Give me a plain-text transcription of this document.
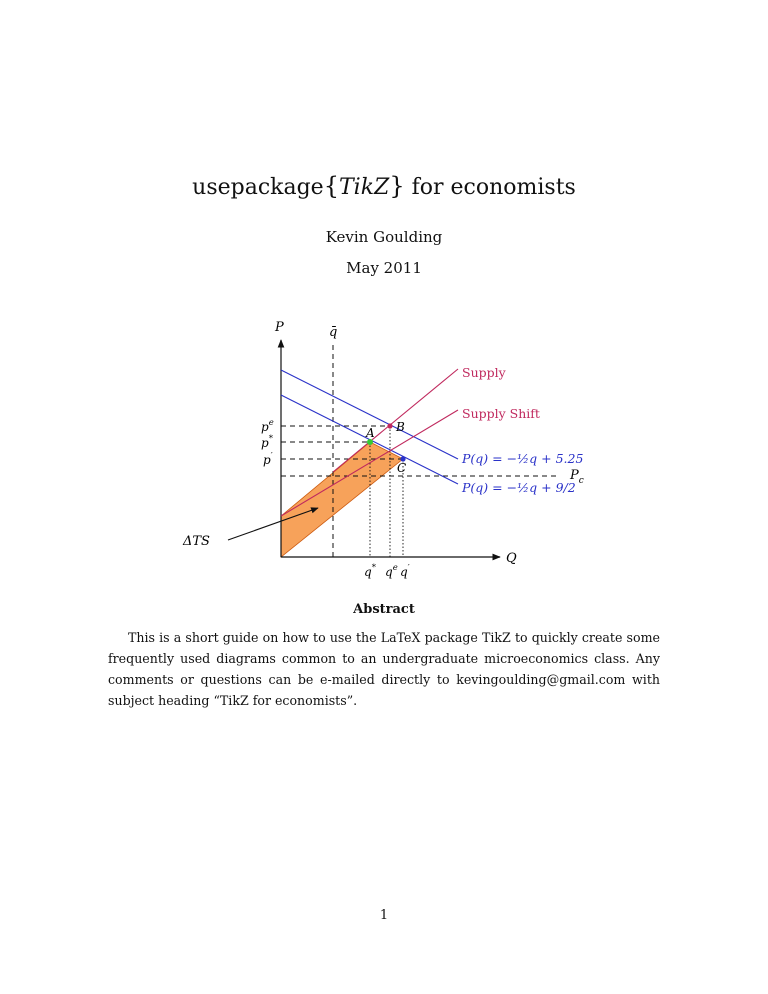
usepackage{TikZ} for economists
Kevin Goulding
May 2011
P
Q
q̄
Supply
Supply Shift
P(q) = −½q + 5.25
P(q) = −½q + 9/2
$P_c$
$p^e$
p*
p′
A B
C
q* $q^e$ q′
ΔTS
Abstract
This is a short guide on how to use the LaTeX package TikZ to quickly create some frequently used diagrams common to an undergraduate microeconomics class. Any comments or questions can be e-mailed directly to kevingoulding@gmail.com with subject heading “TikZ for economists”.
1
